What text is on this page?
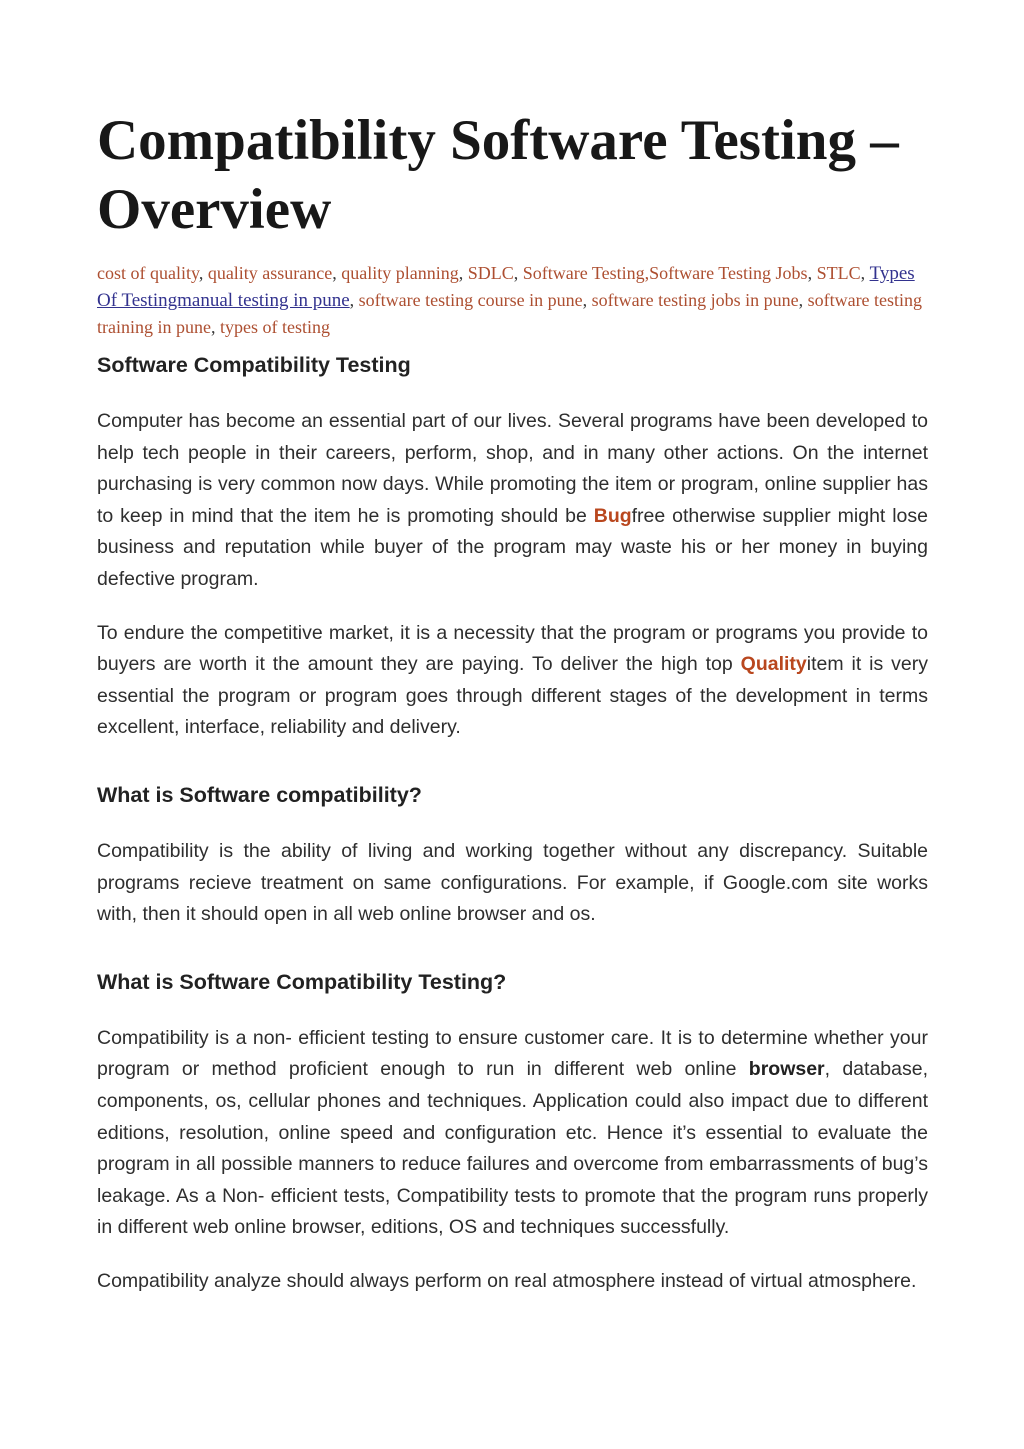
Compatibility Software Testing – Overview

cost of quality, quality assurance, quality planning, SDLC, Software Testing,Software Testing Jobs, STLC, Types Of Testingmanual testing in pune, software testing course in pune, software testing jobs in pune, software testing training in pune, types of testing

Software Compatibility Testing

Computer has become an essential part of our lives. Several programs have been developed to help tech people in their careers, perform, shop, and in many other actions. On the internet purchasing is very common now days. While promoting the item or program, online supplier has to keep in mind that the item he is promoting should be Bugfree otherwise supplier might lose business and reputation while buyer of the program may waste his or her money in buying defective program.

To endure the competitive market, it is a necessity that the program or programs you provide to buyers are worth it the amount they are paying. To deliver the high top Qualityitem it is very essential the program or program goes through different stages of the development in terms excellent, interface, reliability and delivery.

What is Software compatibility?

Compatibility is the ability of living and working together without any discrepancy. Suitable programs recieve treatment on same configurations. For example, if Google.com site works with, then it should open in all web online browser and os.

What is Software Compatibility Testing?

Compatibility is a non- efficient testing to ensure customer care. It is to determine whether your program or method proficient enough to run in different web online browser, database, components, os, cellular phones and techniques. Application could also impact due to different editions, resolution, online speed and configuration etc. Hence it’s essential to evaluate the program in all possible manners to reduce failures and overcome from embarrassments of bug’s leakage. As a Non- efficient tests, Compatibility tests to promote that the program runs properly in different web online browser, editions, OS and techniques successfully.

Compatibility analyze should always perform on real atmosphere instead of virtual atmosphere.
